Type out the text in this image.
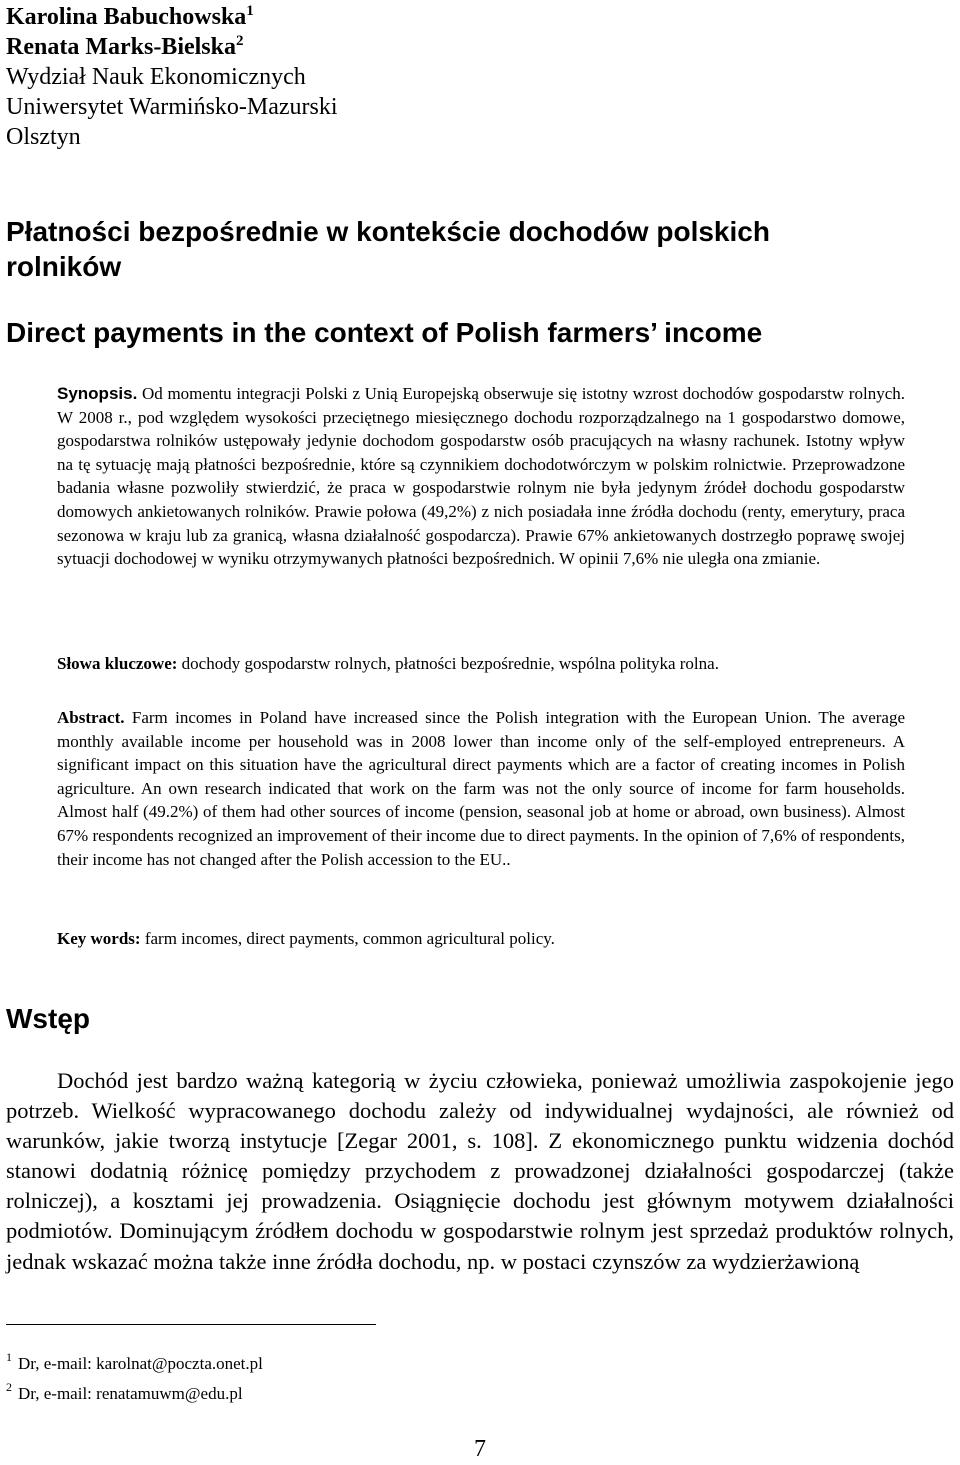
Karolina Babuchowska$^1$
Renata Marks-Bielska$^2$
Wydział Nauk Ekonomicznych
Uniwersytet Warmińsko-Mazurski
Olsztyn
Płatności bezpośrednie w kontekście dochodów polskich
rolników
Direct payments in the context of Polish farmers’ income
Synopsis. Od momentu integracji Polski z Unią Europejską obserwuje się istotny wzrost dochodów gospodarstw rolnych. W 2008 r., pod względem wysokości przeciętnego miesięcznego dochodu rozporządzalnego na 1 gospodarstwo domowe, gospodarstwa rolników ustępowały jedynie dochodom gospodarstw osób pracujących na własny rachunek. Istotny wpływ na tę sytuację mają płatności bezpośrednie, które są czynnikiem dochodotwórczym w polskim rolnictwie. Przeprowadzone badania własne pozwoliły stwierdzić, że praca w gospodarstwie rolnym nie była jedynym źródeł dochodu gospodarstw domowych ankietowanych rolników. Prawie połowa (49,2%) z nich posiadała inne źródła dochodu (renty, emerytury, praca sezonowa w kraju lub za granicą, własna działalność gospodarcza). Prawie 67% ankietowanych dostrzegło poprawę swojej sytuacji dochodowej w wyniku otrzymywanych płatności bezpośrednich. W opinii 7,6% nie uległa ona zmianie.
Słowa kluczowe: dochody gospodarstw rolnych, płatności bezpośrednie, wspólna polityka rolna.
Abstract. Farm incomes in Poland have increased since the Polish integration with the European Union. The average monthly available income per household was in 2008 lower than income only of the self-employed entrepreneurs. A significant impact on this situation have the agricultural direct payments which are a factor of creating incomes in Polish agriculture. An own research indicated that work on the farm was not the only source of income for farm households. Almost half (49.2%) of them had other sources of income (pension, seasonal job at home or abroad, own business). Almost 67% respondents recognized an improvement of their income due to direct payments. In the opinion of 7,6% of respondents, their income has not changed after the Polish accession to the EU..
Key words: farm incomes, direct payments, common agricultural policy.
Wstęp
Dochód jest bardzo ważną kategorią w życiu człowieka, ponieważ umożliwia zaspokojenie jego potrzeb. Wielkość wypracowanego dochodu zależy od indywidualnej wydajności, ale również od warunków, jakie tworzą instytucje [Zegar 2001, s. 108]. Z ekonomicznego punktu widzenia dochód stanowi dodatnią różnicę pomiędzy przychodem z prowadzonej działalności gospodarczej (także rolniczej), a kosztami jej prowadzenia. Osiągnięcie dochodu jest głównym motywem działalności podmiotów. Dominującym źródłem dochodu w gospodarstwie rolnym jest sprzedaż produktów rolnych, jednak wskazać można także inne źródła dochodu, np. w postaci czynszów za wydzierżawioną
$^1$ Dr, e-mail: karolnat@poczta.onet.pl
$^2$ Dr, e-mail: renatamuwm@edu.pl
7
